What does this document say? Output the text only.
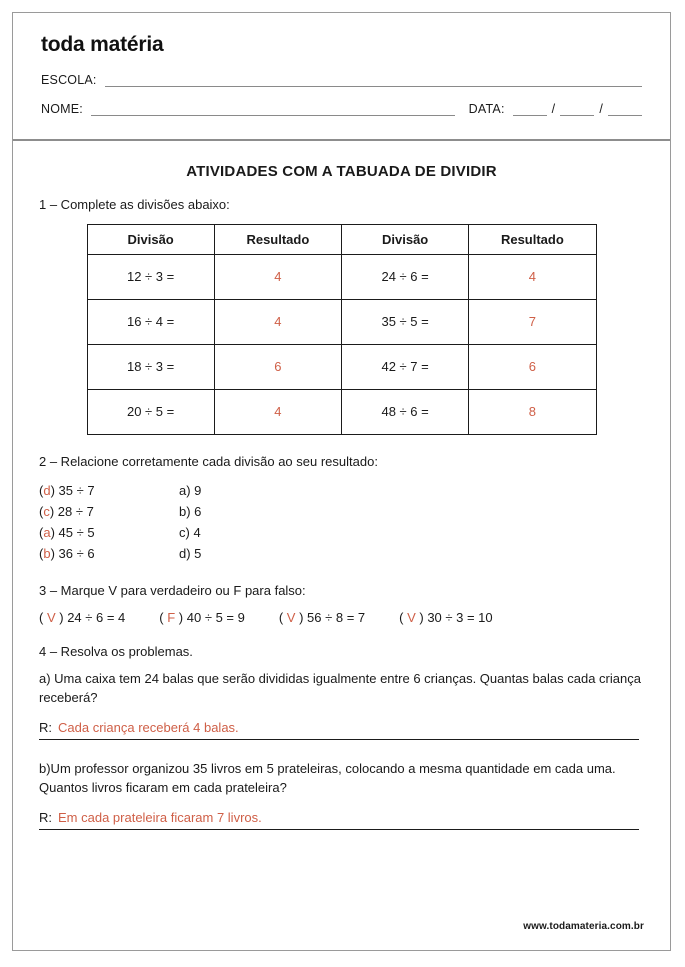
toda matéria
ESCOLA:
NOME:	DATA:	/	/
ATIVIDADES COM A TABUADA DE DIVIDIR

1 – Complete as divisões abaixo:

Divisão	Resultado	Divisão	Resultado
12 ÷ 3 =	4	24 ÷ 6 =	4
16 ÷ 4 =	4	35 ÷ 5 =	7
18 ÷ 3 =	6	42 ÷ 7 =	6
20 ÷ 5 =	4	48 ÷ 6 =	8

2 – Relacione corretamente cada divisão ao seu resultado:

(d) 35 ÷ 7	a) 9
(c) 28 ÷ 7	b) 6
(a) 45 ÷ 5	c) 4
(b) 36 ÷ 6	d) 5

3 – Marque V para verdadeiro ou F para falso:

( V ) 24 ÷ 6 = 4	( F ) 40 ÷ 5 = 9	( V ) 56 ÷ 8 = 7	( V ) 30 ÷ 3 = 10

4 – Resolva os problemas.

a) Uma caixa tem 24 balas que serão divididas igualmente entre 6 crianças. Quantas balas cada criança receberá?

R: Cada criança receberá 4 balas.

b)Um professor organizou 35 livros em 5 prateleiras, colocando a mesma quantidade em cada uma. Quantos livros ficaram em cada prateleira?

R: Em cada prateleira ficaram 7 livros.

www.todamateria.com.br
